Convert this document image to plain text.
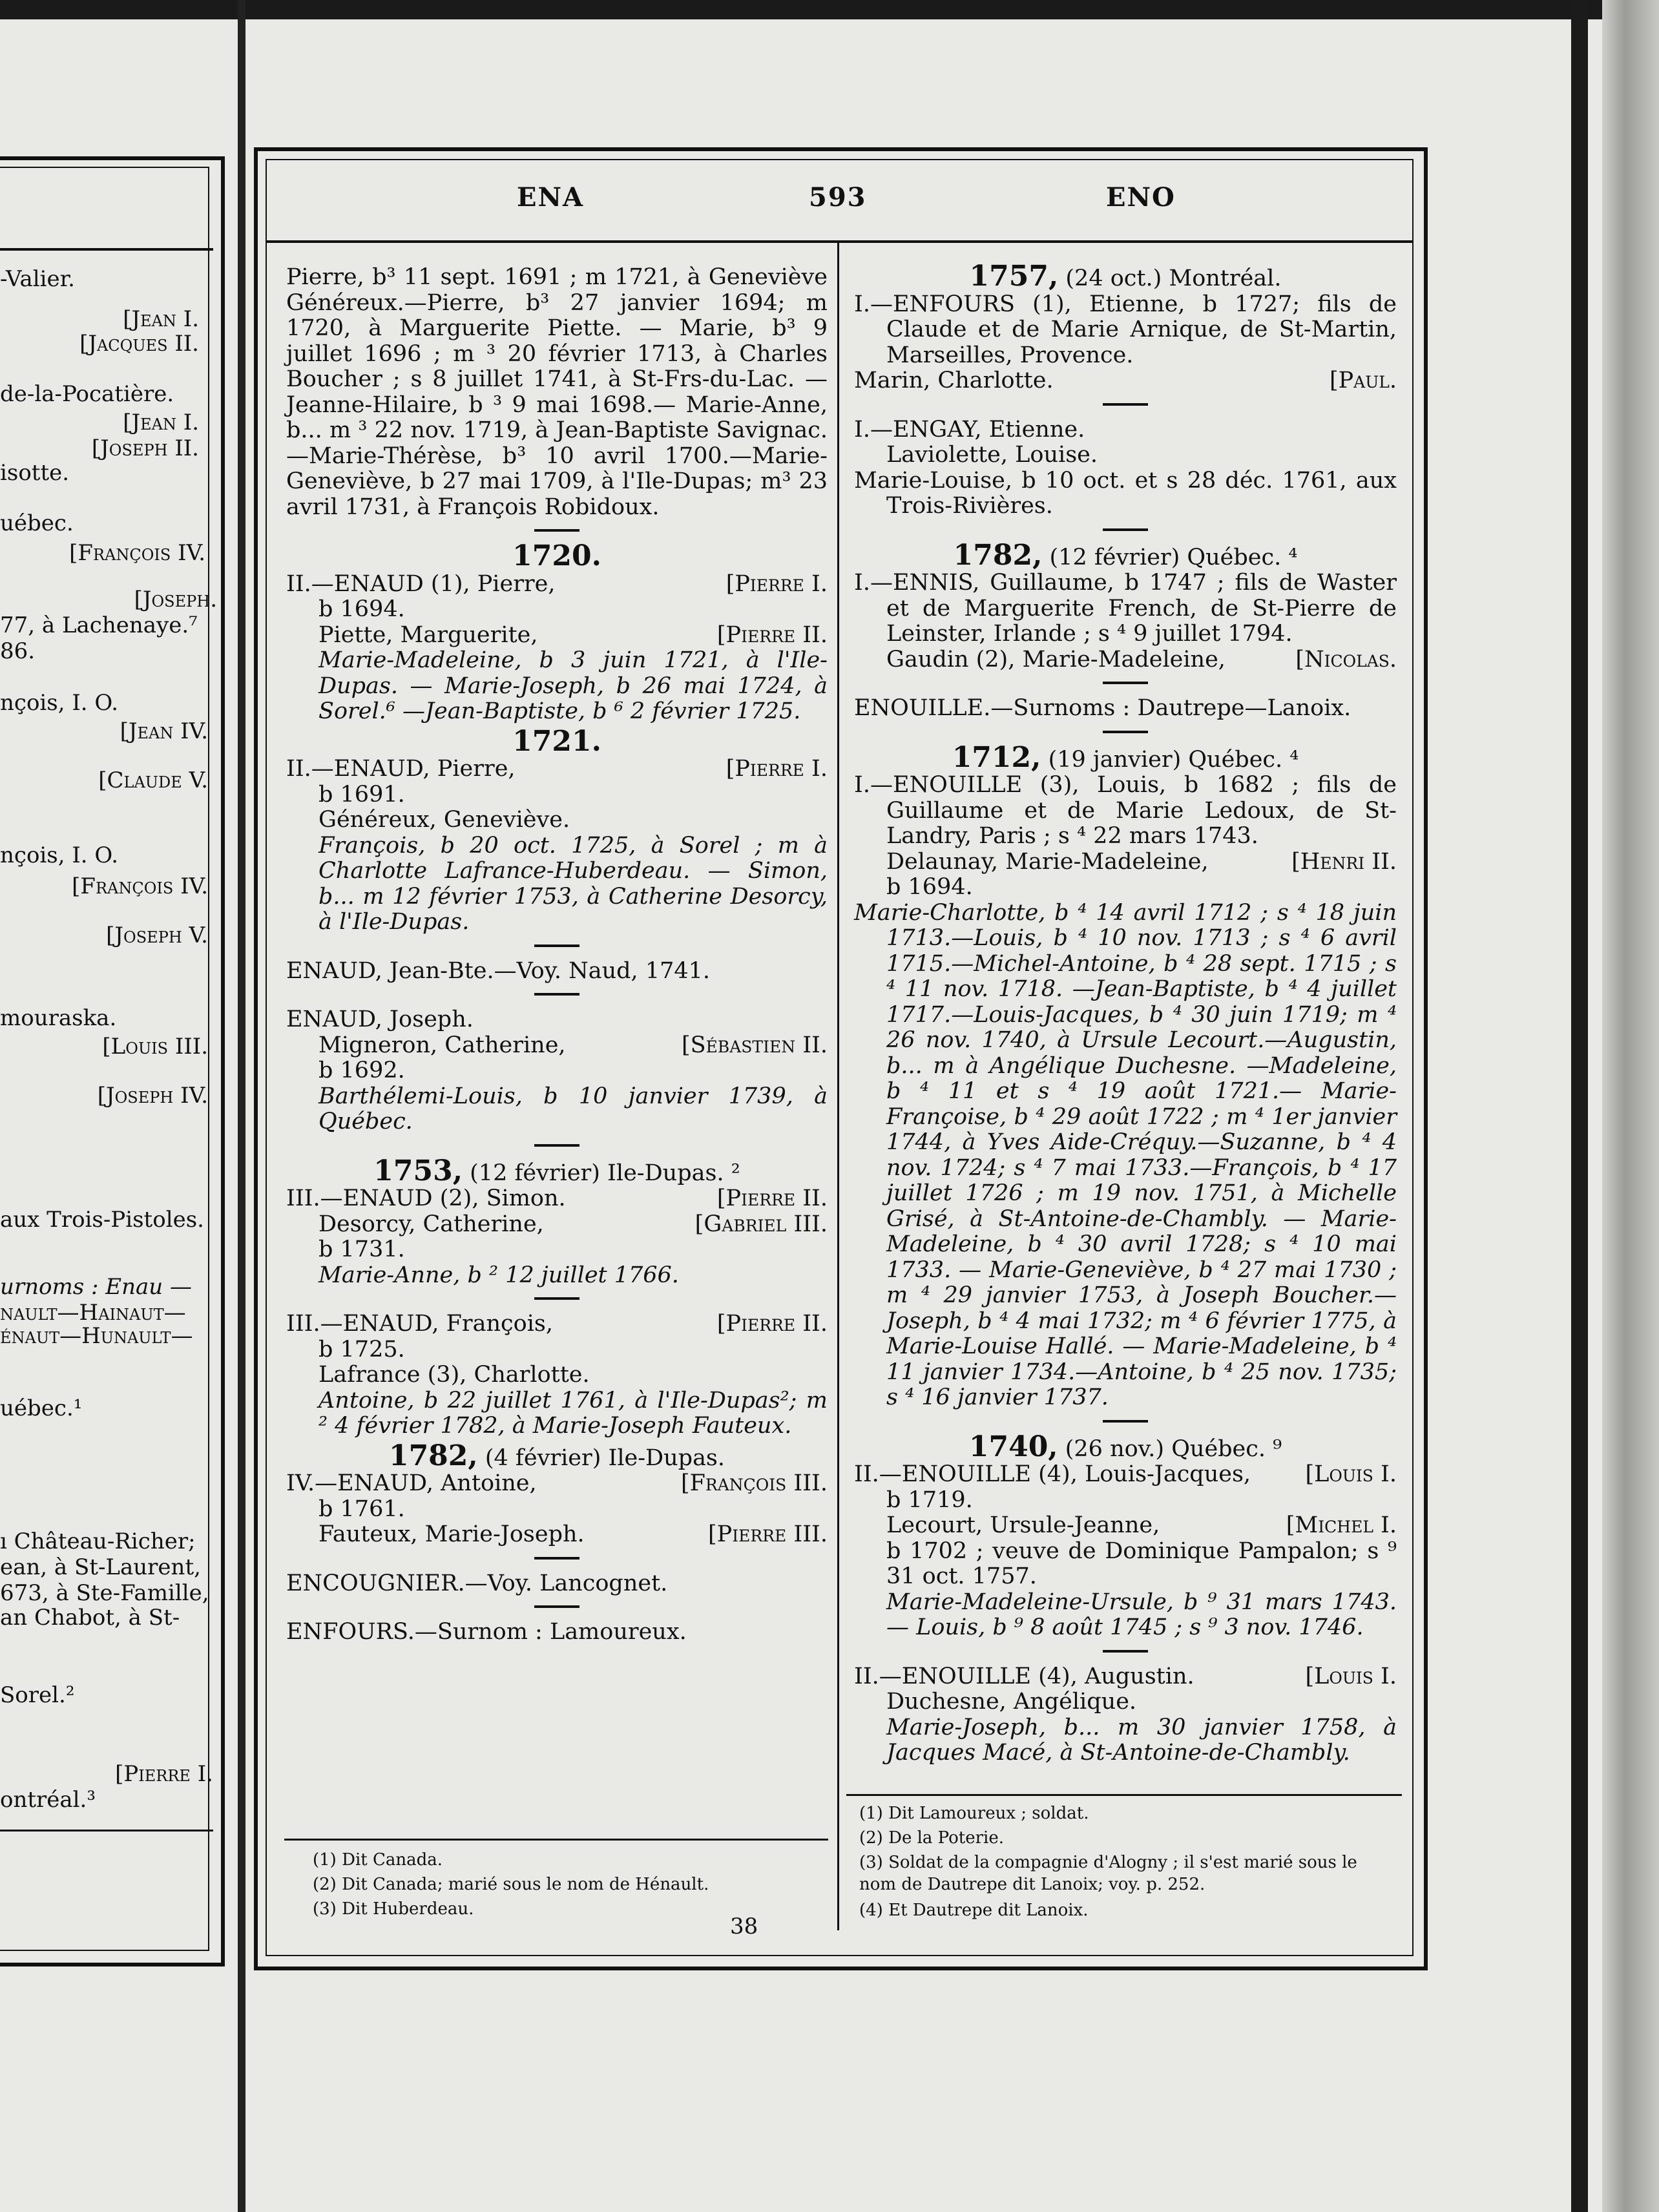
-Valier.
[Jean I.
[Jacques II.
de-la-Pocatière.
[Jean I.
[Joseph II.
isotte.
uébec.
[François IV.
[Joseph.
77, à Lachenaye.⁷
86.
nçois, I. O.
[Jean IV.
[Claude V.
nçois, I. O.
[François IV.
[Joseph V.
mouraska.
[Louis III.
[Joseph IV.
aux Trois-Pistoles.
urnoms : Enau —
nault—Hainaut—
énaut—Hunault—
uébec.¹
ı Château-Richer;
ean, à St-Laurent,
673, à Ste-Famille,
an Chabot, à St-
Sorel.²
[Pierre I.
ontréal.³
ENA	593	ENO

Pierre, b³ 11 sept. 1691 ; m 1721, à Geneviève Généreux.—Pierre, b³ 27 janvier 1694; m 1720, à Marguerite Piette. — Marie, b³ 9 juillet 1696 ; m ³ 20 février 1713, à Charles Boucher ; s 8 juillet 1741, à St-Frs-du-Lac. — Jeanne-Hilaire, b ³ 9 mai 1698.— Marie-Anne, b... m ³ 22 nov. 1719, à Jean-Baptiste Savignac. —Marie-Thérèse, b³ 10 avril 1700.—Marie-Geneviève, b 27 mai 1709, à l'Ile-Dupas; m³ 23 avril 1731, à François Robidoux.

1720.

II.—ENAUD (1), Pierre,	[Pierre I.

b 1694.

Piette, Marguerite,	[Pierre II.

Marie-Madeleine, b 3 juin 1721, à l'Ile-Dupas. — Marie-Joseph, b 26 mai 1724, à Sorel.⁶ —Jean-Baptiste, b ⁶ 2 février 1725.

1721.

II.—ENAUD, Pierre,	[Pierre I.

b 1691.

Généreux, Geneviève.

François, b 20 oct. 1725, à Sorel ; m à Charlotte Lafrance-Huberdeau. — Simon, b... m 12 février 1753, à Catherine Desorcy, à l'Ile-Dupas.

ENAUD, Jean-Bte.—Voy. Naud, 1741.

ENAUD, Joseph.

Migneron, Catherine,	[Sébastien II.

b 1692.

Barthélemi-Louis, b 10 janvier 1739, à Québec.

1753, (12 février) Ile-Dupas. ²

III.—ENAUD (2), Simon.	[Pierre II.

Desorcy, Catherine,	[Gabriel III.

b 1731.

Marie-Anne, b ² 12 juillet 1766.

III.—ENAUD, François,	[Pierre II.

b 1725.

Lafrance (3), Charlotte.

Antoine, b 22 juillet 1761, à l'Ile-Dupas²; m ² 4 février 1782, à Marie-Joseph Fauteux.

1782, (4 février) Ile-Dupas.

IV.—ENAUD, Antoine,	[François III.

b 1761.

Fauteux, Marie-Joseph.	[Pierre III.

ENCOUGNIER.—Voy. Lancognet.

ENFOURS.—Surnom : Lamoureux.

(1) Dit Canada.
(2) Dit Canada; marié sous le nom de Hénault.
(3) Dit Huberdeau.
38

1757, (24 oct.) Montréal.

I.—ENFOURS (1), Etienne, b 1727; fils de Claude et de Marie Arnique, de St-Martin, Marseilles, Provence.

Marin, Charlotte.	[Paul.

I.—ENGAY, Etienne.

Laviolette, Louise.

Marie-Louise, b 10 oct. et s 28 déc. 1761, aux Trois-Rivières.

1782, (12 février) Québec. ⁴

I.—ENNIS, Guillaume, b 1747 ; fils de Waster et de Marguerite French, de St-Pierre de Leinster, Irlande ; s ⁴ 9 juillet 1794.

Gaudin (2), Marie-Madeleine,	[Nicolas.

ENOUILLE.—Surnoms : Dautrepe—Lanoix.

1712, (19 janvier) Québec. ⁴

I.—ENOUILLE (3), Louis, b 1682 ; fils de Guillaume et de Marie Ledoux, de St-Landry, Paris ; s ⁴ 22 mars 1743.

Delaunay, Marie-Madeleine,	[Henri II.

b 1694.

Marie-Charlotte, b ⁴ 14 avril 1712 ; s ⁴ 18 juin 1713.—Louis, b ⁴ 10 nov. 1713 ; s ⁴ 6 avril 1715.—Michel-Antoine, b ⁴ 28 sept. 1715 ; s ⁴ 11 nov. 1718. —Jean-Baptiste, b ⁴ 4 juillet 1717.—Louis-Jacques, b ⁴ 30 juin 1719; m ⁴ 26 nov. 1740, à Ursule Lecourt.—Augustin, b... m à Angélique Duchesne. —Madeleine, b ⁴ 11 et s ⁴ 19 août 1721.— Marie-Françoise, b ⁴ 29 août 1722 ; m ⁴ 1er janvier 1744, à Yves Aide-Créquy.—Suzanne, b ⁴ 4 nov. 1724; s ⁴ 7 mai 1733.—François, b ⁴ 17 juillet 1726 ; m 19 nov. 1751, à Michelle Grisé, à St-Antoine-de-Chambly. — Marie-Madeleine, b ⁴ 30 avril 1728; s ⁴ 10 mai 1733. — Marie-Geneviève, b ⁴ 27 mai 1730 ; m ⁴ 29 janvier 1753, à Joseph Boucher.— Joseph, b ⁴ 4 mai 1732; m ⁴ 6 février 1775, à Marie-Louise Hallé. — Marie-Madeleine, b ⁴ 11 janvier 1734.—Antoine, b ⁴ 25 nov. 1735; s ⁴ 16 janvier 1737.

1740, (26 nov.) Québec. ⁹

II.—ENOUILLE (4), Louis-Jacques, [Louis I.

b 1719.

Lecourt, Ursule-Jeanne,	[Michel I.

b 1702 ; veuve de Dominique Pampalon; s ⁹ 31 oct. 1757.

Marie-Madeleine-Ursule, b ⁹ 31 mars 1743.— Louis, b ⁹ 8 août 1745 ; s ⁹ 3 nov. 1746.

II.—ENOUILLE (4), Augustin.	[Louis I.

Duchesne, Angélique.

Marie-Joseph, b... m 30 janvier 1758, à Jacques Macé, à St-Antoine-de-Chambly.

(1) Dit Lamoureux ; soldat.
(2) De la Poterie.
(3) Soldat de la compagnie d'Alogny ; il s'est marié sous le nom de Dautrepe dit Lanoix; voy. p. 252.
(4) Et Dautrepe dit Lanoix.
